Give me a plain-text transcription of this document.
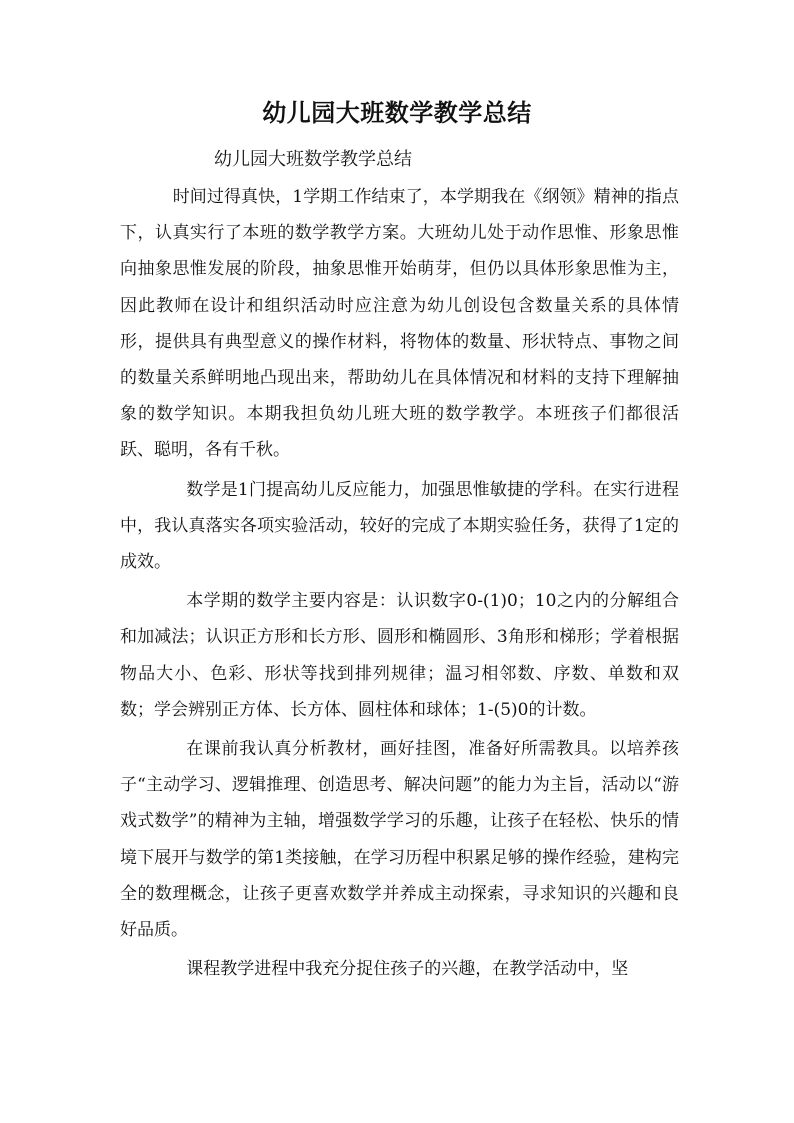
幼儿园大班数学教学总结
幼儿园大班数学教学总结

时间过得真快，1学期工作结束了，本学期我在《纲领》精神的指点下，认真实行了本班的数学教学方案。大班幼儿处于动作思惟、形象思惟向抽象思惟发展的阶段，抽象思惟开始萌芽，但仍以具体形象思惟为主，因此教师在设计和组织活动时应注意为幼儿创设包含数量关系的具体情形，提供具有典型意义的操作材料，将物体的数量、形状特点、事物之间的数量关系鲜明地凸现出来，帮助幼儿在具体情况和材料的支持下理解抽象的数学知识。本期我担负幼儿班大班的数学教学。本班孩子们都很活跃、聪明，各有千秋。

数学是1门提高幼儿反应能力，加强思惟敏捷的学科。在实行进程中，我认真落实各项实验活动，较好的完成了本期实验任务，获得了1定的成效。

本学期的数学主要内容是：认识数字0-(1)0；10之内的分解组合和加减法；认识正方形和长方形、圆形和椭圆形、3角形和梯形；学着根据物品大小、色彩、形状等找到排列规律；温习相邻数、序数、单数和双数；学会辨别正方体、长方体、圆柱体和球体；1-(5)0的计数。

在课前我认真分析教材，画好挂图，准备好所需教具。以培养孩子“主动学习、逻辑推理、创造思考、解决问题”的能力为主旨，活动以“游戏式数学”的精神为主轴，增强数学学习的乐趣，让孩子在轻松、快乐的情境下展开与数学的第1类接触，在学习历程中积累足够的操作经验，建构完全的数理概念，让孩子更喜欢数学并养成主动探索，寻求知识的兴趣和良好品质。

课程教学进程中我充分捉住孩子的兴趣，在教学活动中，坚
